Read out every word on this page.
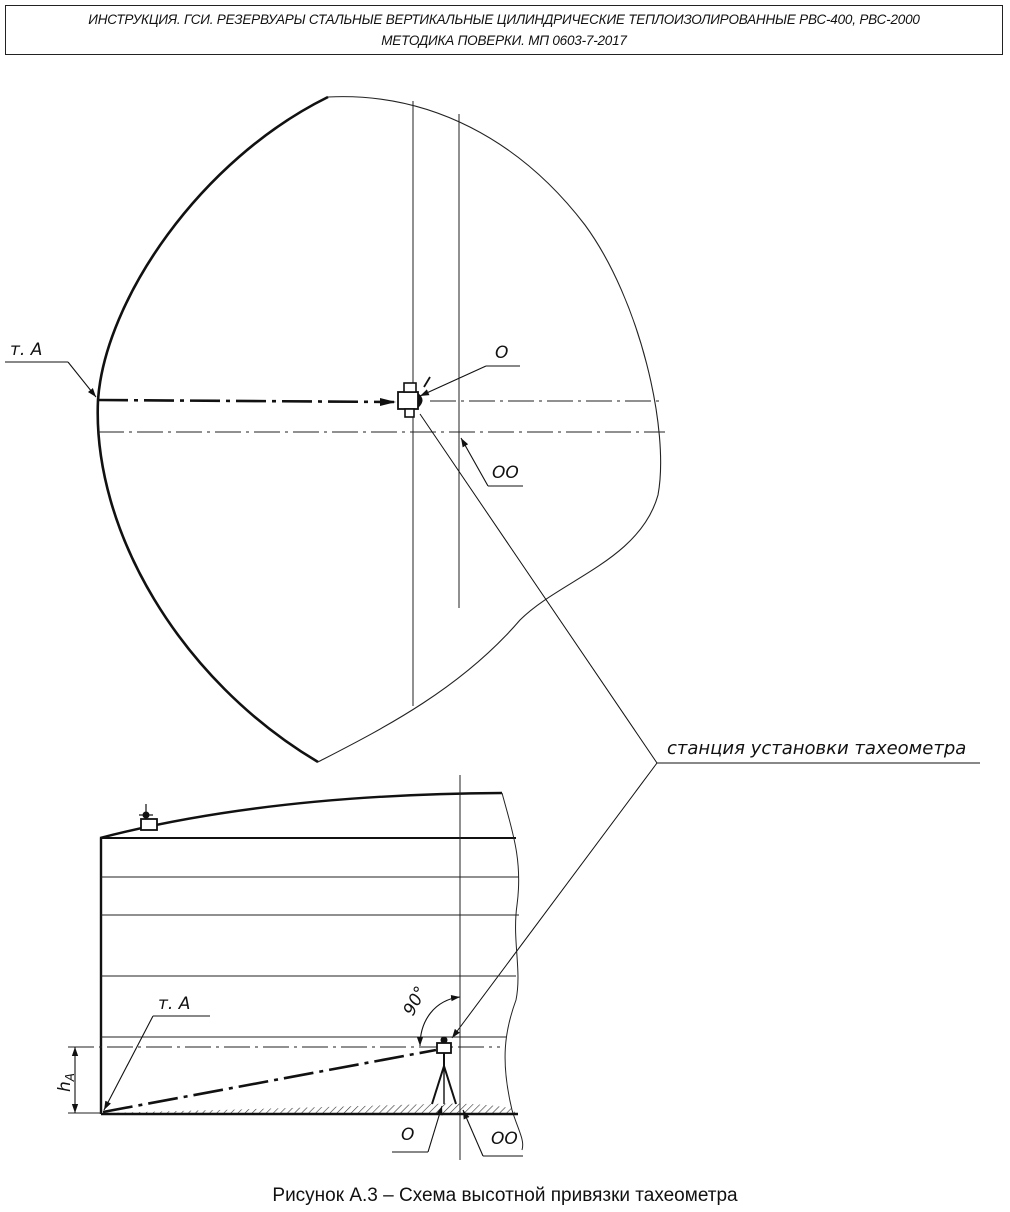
ИНСТРУКЦИЯ. ГСИ. РЕЗЕРВУАРЫ СТАЛЬНЫЕ ВЕРТИКАЛЬНЫЕ ЦИЛИНДРИЧЕСКИЕ ТЕПЛОИЗОЛИРОВАННЫЕ РВС-400, РВС-2000
МЕТОДИКА ПОВЕРКИ. МП 0603-7-2017
т. А	О
ОО
станция установки тахеометра
$h_A$
т. А	90°
О	ОО
Рисунок А.3 – Схема высотной привязки тахеометра
